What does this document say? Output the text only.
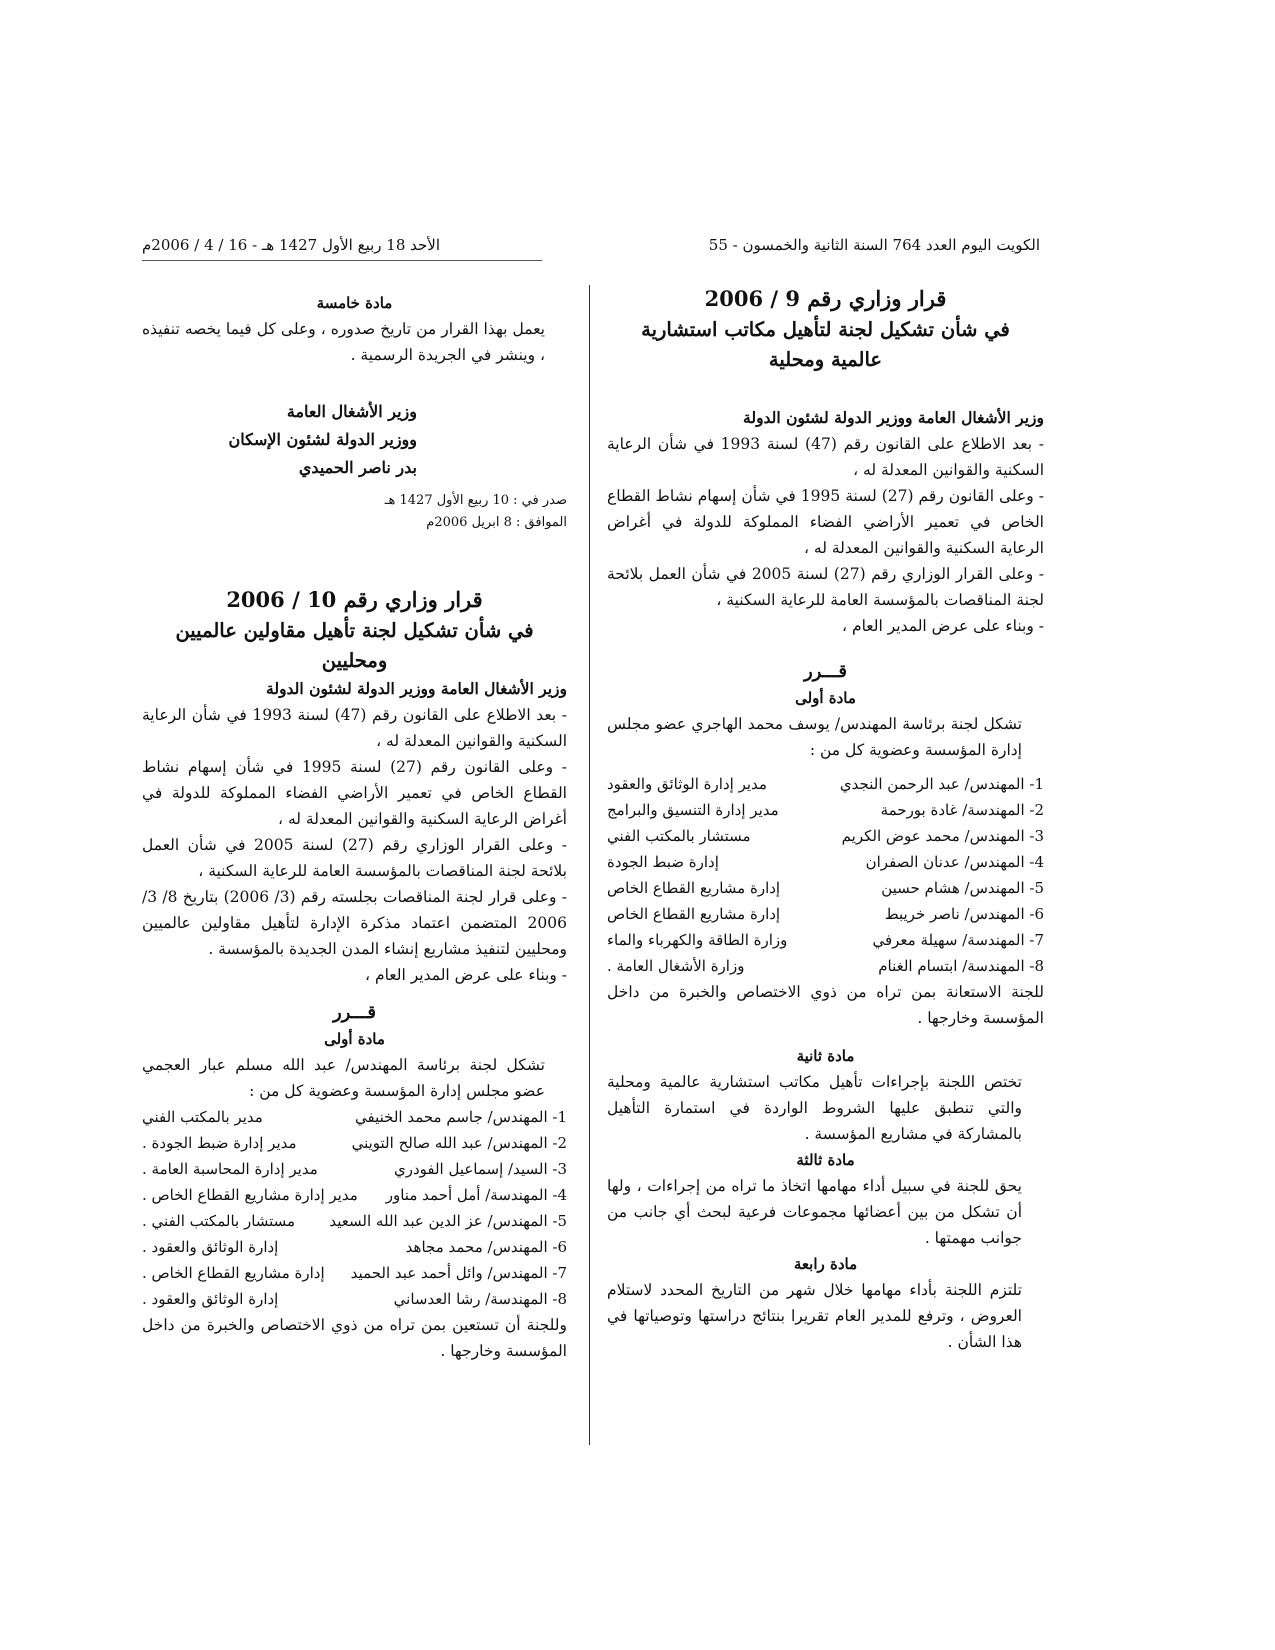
الكويت اليوم العدد 764 السنة الثانية والخمسون - 55
الأحد 18 ربيع الأول 1427 هـ - 16 / 4 / 2006م

قرار وزاري رقم 9 / 2006

في شأن تشكيل لجنة لتأهيل مكاتب استشارية

عالمية ومحلية

وزير الأشغال العامة ووزير الدولة لشئون الدولة

- بعد الاطلاع على القانون رقم (47) لسنة 1993 في شأن الرعاية السكنية والقوانين المعدلة له ،

- وعلى القانون رقم (27) لسنة 1995 في شأن إسهام نشاط القطاع الخاص في تعمير الأراضي الفضاء المملوكة للدولة في أغراض الرعاية السكنية والقوانين المعدلة له ،

- وعلى القرار الوزاري رقم (27) لسنة 2005 في شأن العمل بلائحة لجنة المناقصات بالمؤسسة العامة للرعاية السكنية ،

- وبناء على عرض المدير العام ،

قـــرر

مادة أولى

تشكل لجنة برئاسة المهندس/ يوسف محمد الهاجري عضو مجلس إدارة المؤسسة وعضوية كل من :

1- المهندس/ عبد الرحمن النجدي
مدير إدارة الوثائق والعقود
2- المهندسة/ غادة بورحمة
مدير إدارة التنسيق والبرامج
3- المهندس/ محمد عوض الكريم
مستشار بالمكتب الفني
4- المهندس/ عدنان الصفران
إدارة ضبط الجودة
5- المهندس/ هشام حسين
إدارة مشاريع القطاع الخاص
6- المهندس/ ناصر خريبط
إدارة مشاريع القطاع الخاص
7- المهندسة/ سهيلة معرفي
وزارة الطاقة والكهرباء والماء
8- المهندسة/ ابتسام الغنام
وزارة الأشغال العامة .

للجنة الاستعانة بمن تراه من ذوي الاختصاص والخبرة من داخل المؤسسة وخارجها .

مادة ثانية

تختص اللجنة بإجراءات تأهيل مكاتب استشارية عالمية ومحلية والتي تنطبق عليها الشروط الواردة في استمارة التأهيل بالمشاركة في مشاريع المؤسسة .

مادة ثالثة

يحق للجنة في سبيل أداء مهامها اتخاذ ما تراه من إجراءات ، ولها أن تشكل من بين أعضائها مجموعات فرعية لبحث أي جانب من جوانب مهمتها .

مادة رابعة

تلتزم اللجنة بأداء مهامها خلال شهر من التاريخ المحدد لاستلام العروض ، وترفع للمدير العام تقريرا بنتائج دراستها وتوصياتها في هذا الشأن .

مادة خامسة

يعمل بهذا القرار من تاريخ صدوره ، وعلى كل فيما يخصه تنفيذه ، وينشر في الجريدة الرسمية .

وزير الأشغال العامة

ووزير الدولة لشئون الإسكان

بدر ناصر الحميدي

صدر في : 10 ربيع الأول 1427 هـ

الموافق : 8 ابريل 2006م

قرار وزاري رقم 10 / 2006

في شأن تشكيل لجنة تأهيل مقاولين عالميين ومحليين

وزير الأشغال العامة ووزير الدولة لشئون الدولة

- بعد الاطلاع على القانون رقم (47) لسنة 1993 في شأن الرعاية السكنية والقوانين المعدلة له ،

- وعلى القانون رقم (27) لسنة 1995 في شأن إسهام نشاط القطاع الخاص في تعمير الأراضي الفضاء المملوكة للدولة في أغراض الرعاية السكنية والقوانين المعدلة له ،

- وعلى القرار الوزاري رقم (27) لسنة 2005 في شأن العمل بلائحة لجنة المناقصات بالمؤسسة العامة للرعاية السكنية ،

- وعلى قرار لجنة المناقصات بجلسته رقم (3/ 2006) بتاريخ 8/ 3/ 2006 المتضمن اعتماد مذكرة الإدارة لتأهيل مقاولين عالميين ومحليين لتنفيذ مشاريع إنشاء المدن الجديدة بالمؤسسة .

- وبناء على عرض المدير العام ،

قـــرر

مادة أولى

تشكل لجنة برئاسة المهندس/ عبد الله مسلم عبار العجمي عضو مجلس إدارة المؤسسة وعضوية كل من :

1- المهندس/ جاسم محمد الخنيفي
مدير بالمكتب الفني
2- المهندس/ عبد الله صالح التويني
مدير إدارة ضبط الجودة .
3- السيد/ إسماعيل الفودري
مدير إدارة المحاسبة العامة .
4- المهندسة/ أمل أحمد مناور
مدير إدارة مشاريع القطاع الخاص .
5- المهندس/ عز الدين عبد الله السعيد
مستشار بالمكتب الفني .
6- المهندس/ محمد مجاهد
إدارة الوثائق والعقود .
7- المهندس/ وائل أحمد عبد الحميد
إدارة مشاريع القطاع الخاص .
8- المهندسة/ رشا العدساني
إدارة الوثائق والعقود .

وللجنة أن تستعين بمن تراه من ذوي الاختصاص والخبرة من داخل المؤسسة وخارجها .
